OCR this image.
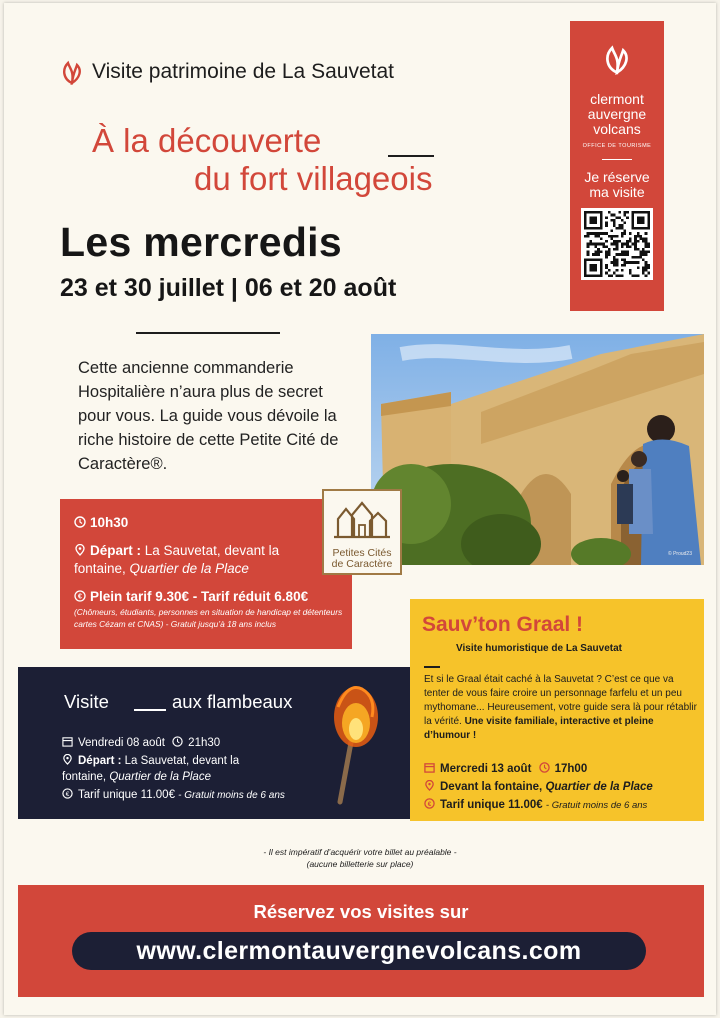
Visite patrimoine de La Sauvetat
À la découverte
du fort villageois
Les mercredis
23 et 30 juillet | 06 et 20 août
Cette ancienne commanderie Hospitalière n’aura plus de secret pour vous. La guide vous dévoile la riche histoire de cette Petite Cité de Caractère®.
clermont
auvergne
volcans
OFFICE DE TOURISME
Je réserve
ma visite
© Proud23
10h30
Départ : La Sauvetat, devant la fontaine, Quartier de la Place
€ Plein tarif 9.30€ - Tarif réduit 6.80€
(Chômeurs, étudiants, personnes en situation de handicap et détenteurs cartes Cézam et CNAS) - Gratuit jusqu’à 18 ans inclus
Petites Cités
de Caractère
Visite	aux flambeaux
Vendredi 08 août 21h30
Départ : La Sauvetat, devant la fontaine, Quartier de la Place
€ Tarif unique 11.00€ - Gratuit moins de 6 ans
Sauv’ton Graal !
Visite humoristique de La Sauvetat
Et si le Graal était caché à la Sauvetat ? C’est ce que va tenter de vous faire croire un personnage farfelu et un peu mythomane... Heureusement, votre guide sera là pour rétablir la vérité. Une visite familiale, interactive et pleine d’humour !
Mercredi 13 août 17h00
Devant la fontaine, Quartier de la Place
€ Tarif unique 11.00€ - Gratuit moins de 6 ans
- Il est impératif d’acquérir votre billet au préalable -
(aucune billetterie sur place)
Réservez vos visites sur
www.clermontauvergnevolcans.com
